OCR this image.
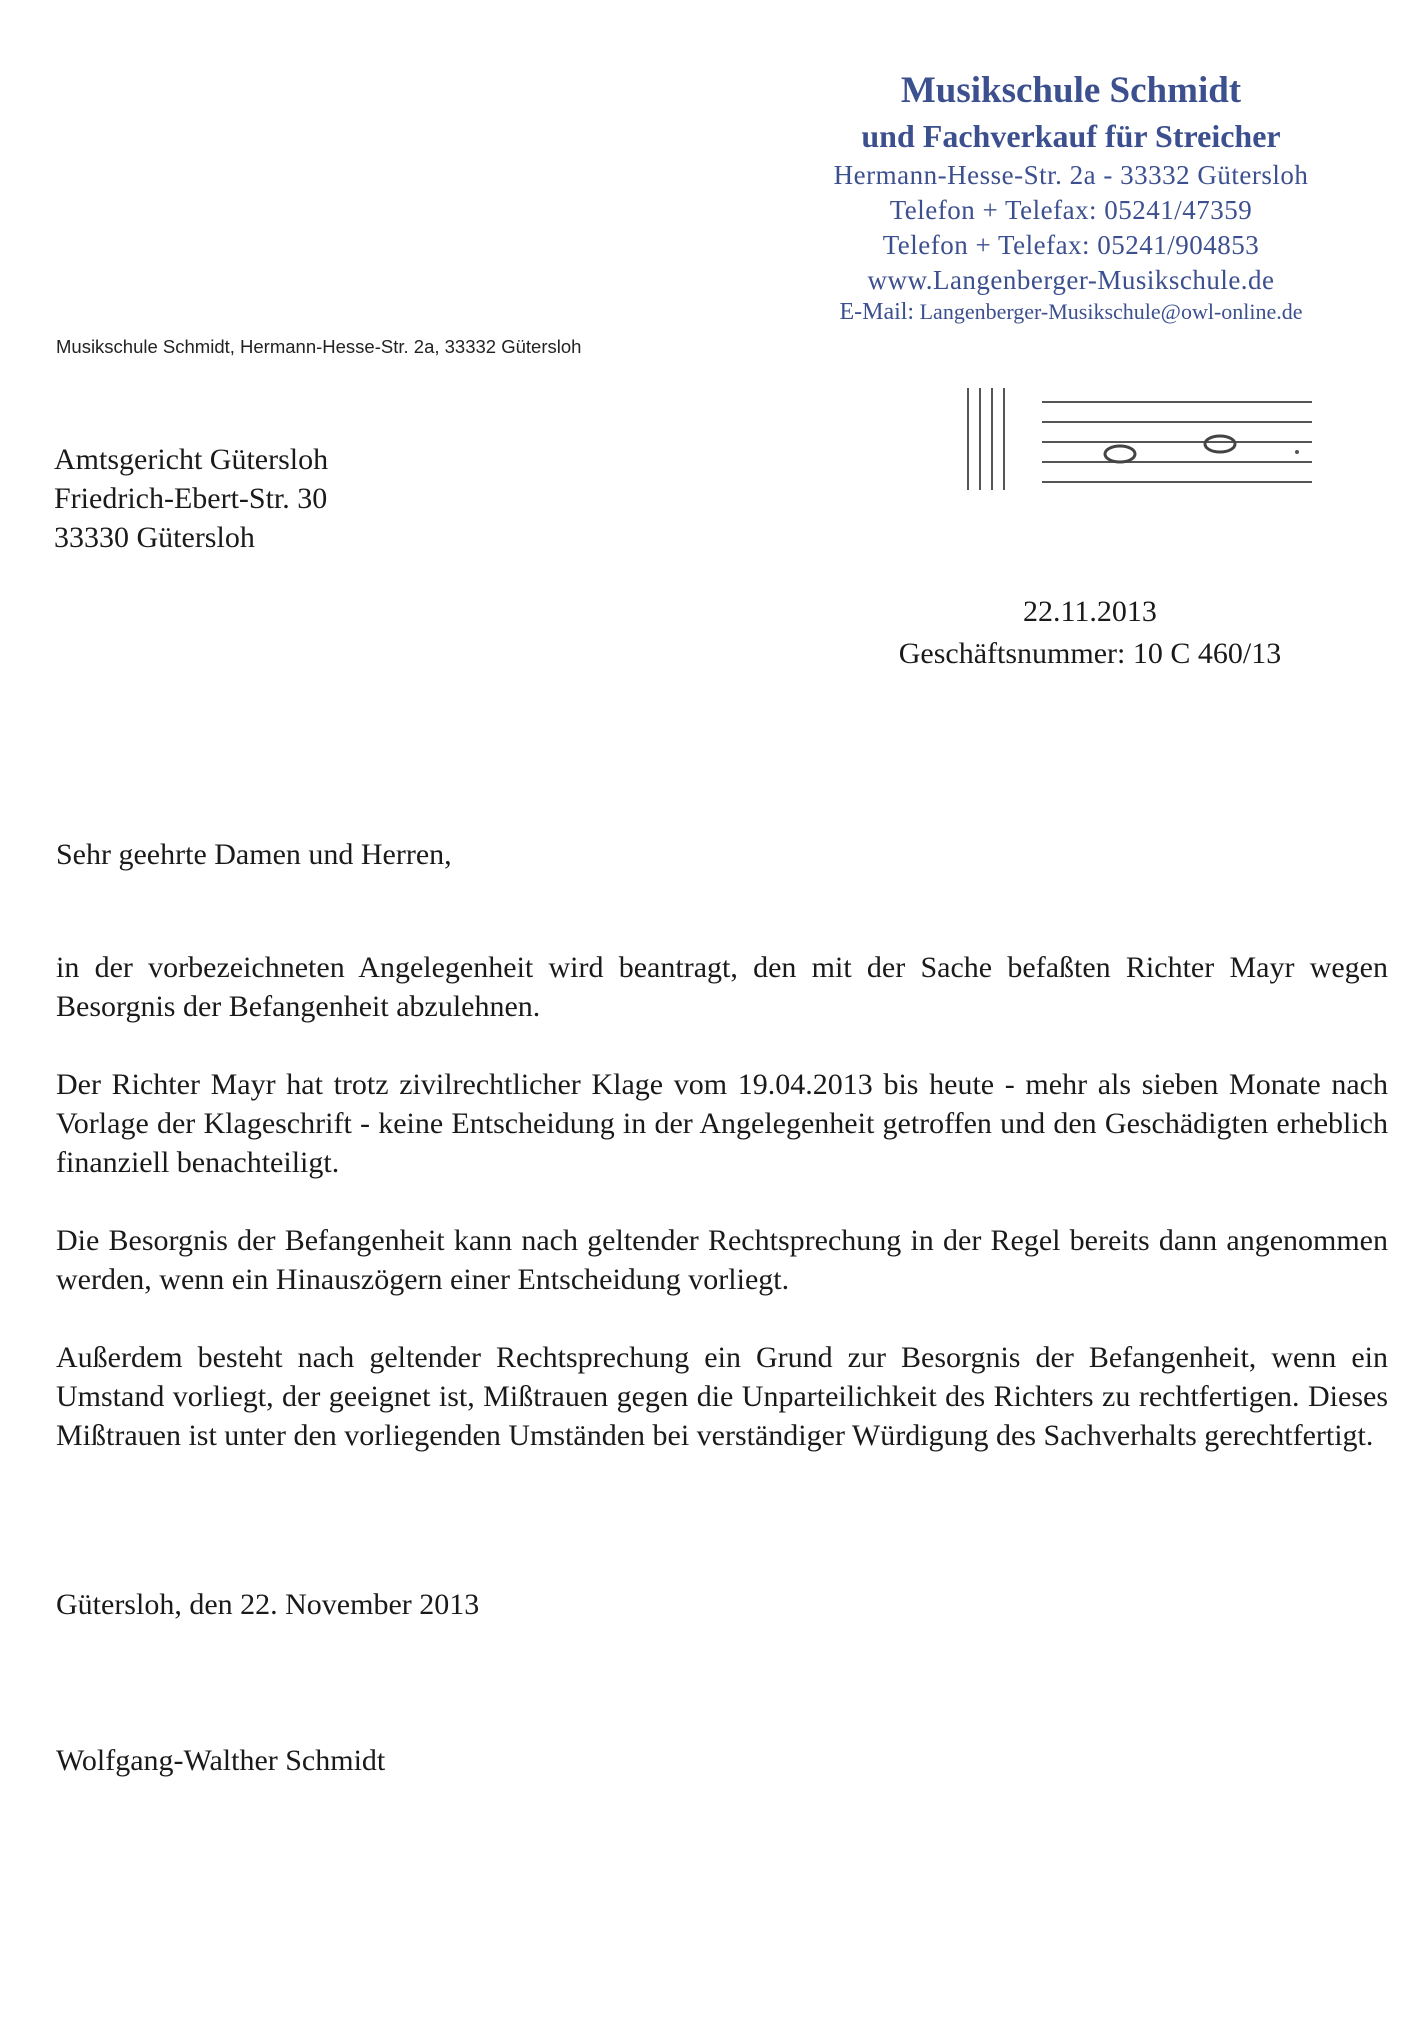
Musikschule Schmidt
und Fachverkauf für Streicher
Hermann-Hesse-Str. 2a - 33332 Gütersloh
Telefon + Telefax: 05241/47359
Telefon + Telefax: 05241/904853
www.Langenberger-Musikschule.de
E-Mail: Langenberger-Musikschule@owl-online.de
Musikschule Schmidt, Hermann-Hesse-Str. 2a, 33332 Gütersloh
Amtsgericht Gütersloh
Friedrich-Ebert-Str. 30
33330 Gütersloh
22.11.2013
Geschäftsnummer: 10 C 460/13
Sehr geehrte Damen und Herren,

in der vorbezeichneten Angelegenheit wird beantragt, den mit der Sache befaßten Richter Mayr wegen Besorgnis der Befangenheit abzulehnen.

Der Richter Mayr hat trotz zivilrechtlicher Klage vom 19.04.2013 bis heute - mehr als sieben Monate nach Vorlage der Klageschrift - keine Entscheidung in der Angelegenheit getroffen und den Geschädigten erheblich finanziell benachteiligt.

Die Besorgnis der Befangenheit kann nach geltender Rechtsprechung in der Regel bereits dann angenommen werden, wenn ein Hinauszögern einer Entscheidung vorliegt.

Außerdem besteht nach geltender Rechtsprechung ein Grund zur Besorgnis der Befangenheit, wenn ein Umstand vorliegt, der geeignet ist, Mißtrauen gegen die Unparteilichkeit des Richters zu rechtfertigen. Dieses Mißtrauen ist unter den vorliegenden Umständen bei verständiger Würdigung des Sachverhalts gerechtfertigt.

Gütersloh, den 22. November 2013
Wolfgang-Walther Schmidt
